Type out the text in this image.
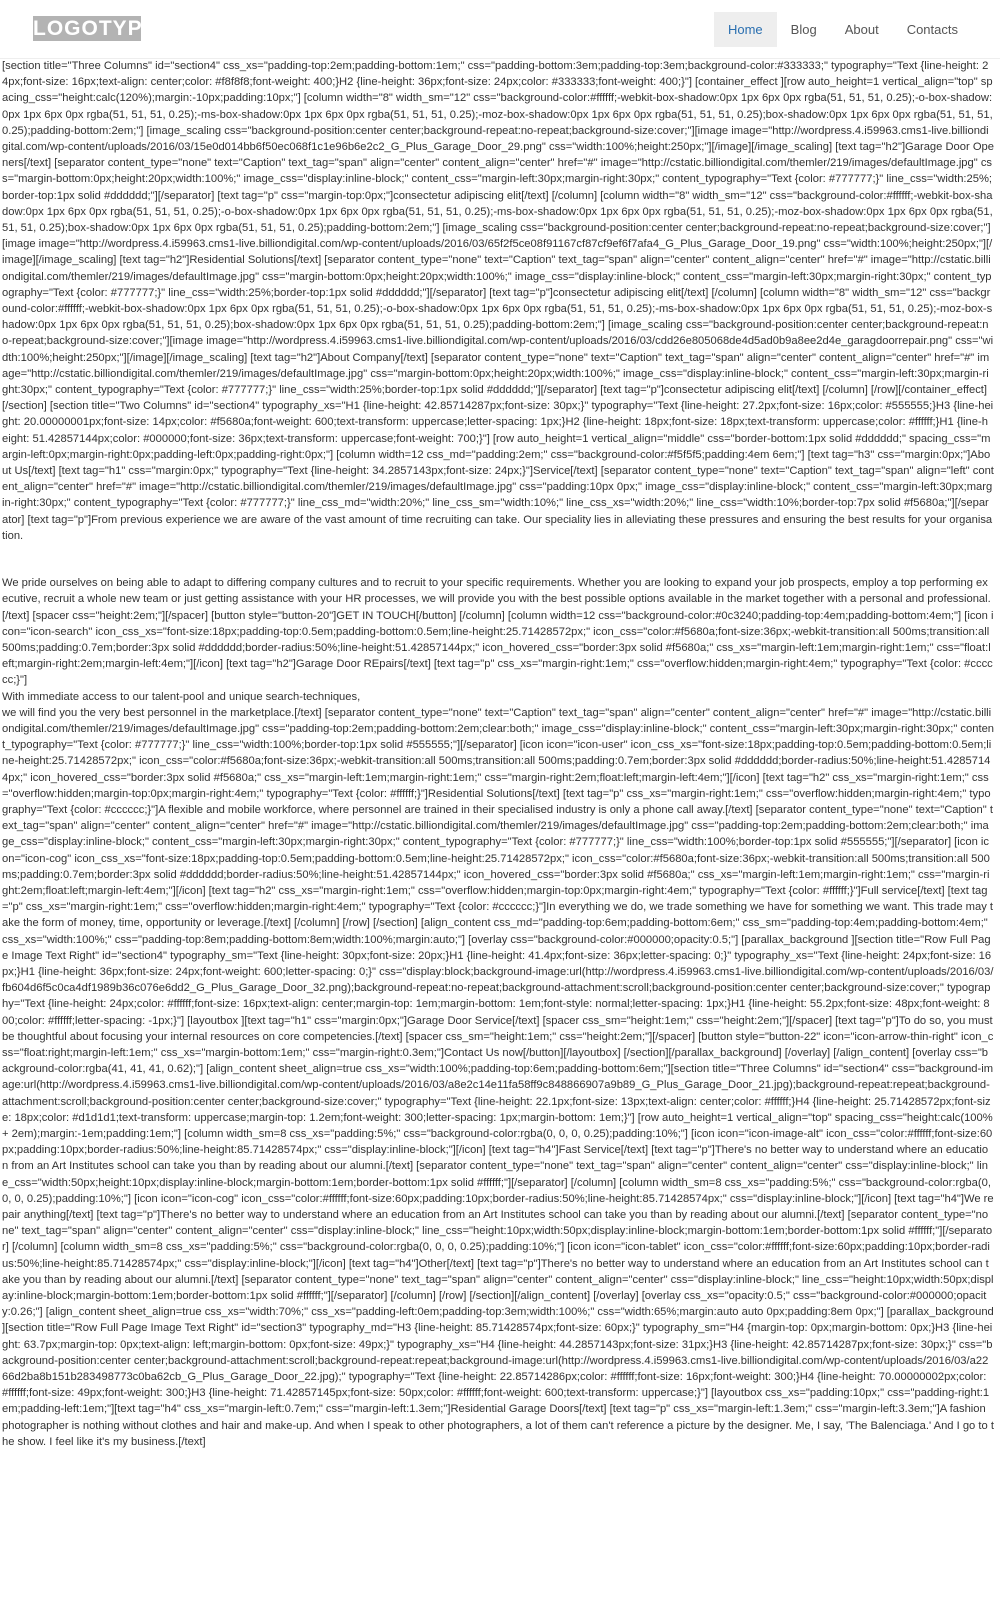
LOGOTYPE	Home	Blog	About	Contacts

[section title="Three Columns" id="section4" css_xs="padding-top:2em;padding-bottom:1em;" css="padding-bottom:3em;padding-top:3em;background-color:#333333;" typography="Text {line-height: 24px;font-size: 16px;text-align: center;color: #f8f8f8;font-weight: 400;}H2 {line-height: 36px;font-size: 24px;color: #333333;font-weight: 400;}"] [container_effect ][row auto_height=1 vertical_align="top" spacing_css="height:calc(120%);margin:-10px;padding:10px;"] [column width="8" width_sm="12" css="background-color:#ffffff;-webkit-box-shadow:0px 1px 6px 0px rgba(51, 51, 51, 0.25);-o-box-shadow:0px 1px 6px 0px rgba(51, 51, 51, 0.25);-ms-box-shadow:0px 1px 6px 0px rgba(51, 51, 51, 0.25);-moz-box-shadow:0px 1px 6px 0px rgba(51, 51, 51, 0.25);box-shadow:0px 1px 6px 0px rgba(51, 51, 51, 0.25);padding-bottom:2em;"] [image_scaling css="background-position:center center;background-repeat:no-repeat;background-size:cover;"][image image="http://wordpress.4.i59963.cms1-live.billiondigital.com/wp-content/uploads/2016/03/15e0d014bb6f50ec068f1c1e96b6e2c2_G_Plus_Garage_Door_29.png" css="width:100%;height:250px;"][/image][/image_scaling] [text tag="h2"]Garage Door Openers[/text] [separator content_type="none" text="Caption" text_tag="span" align="center" content_align="center" href="#" image="http://cstatic.billiondigital.com/themler/219/images/defaultImage.jpg" css="margin-bottom:0px;height:20px;width:100%;" image_css="display:inline-block;" content_css="margin-left:30px;margin-right:30px;" content_typography="Text {color: #777777;}" line_css="width:25%;border-top:1px solid #dddddd;"][/separator] [text tag="p" css="margin-top:0px;"]consectetur adipiscing elit[/text] [/column] [column width="8" width_sm="12" css="background-color:#ffffff;-webkit-box-shadow:0px 1px 6px 0px rgba(51, 51, 51, 0.25);-o-box-shadow:0px 1px 6px 0px rgba(51, 51, 51, 0.25);-ms-box-shadow:0px 1px 6px 0px rgba(51, 51, 51, 0.25);-moz-box-shadow:0px 1px 6px 0px rgba(51, 51, 51, 0.25);box-shadow:0px 1px 6px 0px rgba(51, 51, 51, 0.25);padding-bottom:2em;"] [image_scaling css="background-position:center center;background-repeat:no-repeat;background-size:cover;"][image image="http://wordpress.4.i59963.cms1-live.billiondigital.com/wp-content/uploads/2016/03/65f2f5ce08f91167cf87cf9ef6f7afa4_G_Plus_Garage_Door_19.png" css="width:100%;height:250px;"][/image][/image_scaling] [text tag="h2"]Residential Solutions[/text] [separator content_type="none" text="Caption" text_tag="span" align="center" content_align="center" href="#" image="http://cstatic.billiondigital.com/themler/219/images/defaultImage.jpg" css="margin-bottom:0px;height:20px;width:100%;" image_css="display:inline-block;" content_css="margin-left:30px;margin-right:30px;" content_typography="Text {color: #777777;}" line_css="width:25%;border-top:1px solid #dddddd;"][/separator] [text tag="p"]consectetur adipiscing elit[/text] [/column] [column width="8" width_sm="12" css="background-color:#ffffff;-webkit-box-shadow:0px 1px 6px 0px rgba(51, 51, 51, 0.25);-o-box-shadow:0px 1px 6px 0px rgba(51, 51, 51, 0.25);-ms-box-shadow:0px 1px 6px 0px rgba(51, 51, 51, 0.25);-moz-box-shadow:0px 1px 6px 0px rgba(51, 51, 51, 0.25);box-shadow:0px 1px 6px 0px rgba(51, 51, 51, 0.25);padding-bottom:2em;"] [image_scaling css="background-position:center center;background-repeat:no-repeat;background-size:cover;"][image image="http://wordpress.4.i59963.cms1-live.billiondigital.com/wp-content/uploads/2016/03/cdd26e805068de4d5ad0b9a8ee2d4e_garagdoorrepair.png" css="width:100%;height:250px;"][/image][/image_scaling] [text tag="h2"]About Company[/text] [separator content_type="none" text="Caption" text_tag="span" align="center" content_align="center" href="#" image="http://cstatic.billiondigital.com/themler/219/images/defaultImage.jpg" css="margin-bottom:0px;height:20px;width:100%;" image_css="display:inline-block;" content_css="margin-left:30px;margin-right:30px;" content_typography="Text {color: #777777;}" line_css="width:25%;border-top:1px solid #dddddd;"][/separator] [text tag="p"]consectetur adipiscing elit[/text] [/column] [/row][/container_effect] [/section] [section title="Two Columns" id="section4" typography_xs="H1 {line-height: 42.85714287px;font-size: 30px;}" typography="Text {line-height: 27.2px;font-size: 16px;color: #555555;}H3 {line-height: 20.00000001px;font-size: 14px;color: #f5680a;font-weight: 600;text-transform: uppercase;letter-spacing: 1px;}H2 {line-height: 18px;font-size: 18px;text-transform: uppercase;color: #ffffff;}H1 {line-height: 51.42857144px;color: #000000;font-size: 36px;text-transform: uppercase;font-weight: 700;}"] [row auto_height=1 vertical_align="middle" css="border-bottom:1px solid #dddddd;" spacing_css="margin-left:0px;margin-right:0px;padding-left:0px;padding-right:0px;"] [column width=12 css_md="padding:2em;" css="background-color:#f5f5f5;padding:4em 6em;"] [text tag="h3" css="margin:0px;"]About Us[/text] [text tag="h1" css="margin:0px;" typography="Text {line-height: 34.2857143px;font-size: 24px;}"]Service[/text] [separator content_type="none" text="Caption" text_tag="span" align="left" content_align="center" href="#" image="http://cstatic.billiondigital.com/themler/219/images/defaultImage.jpg" css="padding:10px 0px;" image_css="display:inline-block;" content_css="margin-left:30px;margin-right:30px;" content_typography="Text {color: #777777;}" line_css_md="width:20%;" line_css_sm="width:10%;" line_css_xs="width:20%;" line_css="width:10%;border-top:7px solid #f5680a;"][/separator] [text tag="p"]From previous experience we are aware of the vast amount of time recruiting can take. Our speciality lies in alleviating these pressures and ensuring the best results for your organisation.

We pride ourselves on being able to adapt to differing company cultures and to recruit to your specific requirements. Whether you are looking to expand your job prospects, employ a top performing executive, recruit a whole new team or just getting assistance with your HR processes, we will provide you with the best possible options available in the market together with a personal and professional.

[/text] [spacer css="height:2em;"][/spacer] [button style="button-20"]GET IN TOUCH[/button] [/column] [column width=12 css="background-color:#0c3240;padding-top:4em;padding-bottom:4em;"] [icon icon="icon-search" icon_css_xs="font-size:18px;padding-top:0.5em;padding-bottom:0.5em;line-height:25.71428572px;" icon_css="color:#f5680a;font-size:36px;-webkit-transition:all 500ms;transition:all 500ms;padding:0.7em;border:3px solid #dddddd;border-radius:50%;line-height:51.42857144px;" icon_hovered_css="border:3px solid #f5680a;" css_xs="margin-left:1em;margin-right:1em;" css="float:left;margin-right:2em;margin-left:4em;"][/icon] [text tag="h2"]Garage Door REpairs[/text] [text tag="p" css_xs="margin-right:1em;" css="overflow:hidden;margin-right:4em;" typography="Text {color: #cccccc;}"]

With immediate access to our talent-pool and unique search-techniques,

we will find you the very best personnel in the marketplace.[/text] [separator content_type="none" text="Caption" text_tag="span" align="center" content_align="center" href="#" image="http://cstatic.billiondigital.com/themler/219/images/defaultImage.jpg" css="padding-top:2em;padding-bottom:2em;clear:both;" image_css="display:inline-block;" content_css="margin-left:30px;margin-right:30px;" content_typography="Text {color: #777777;}" line_css="width:100%;border-top:1px solid #555555;"][/separator] [icon icon="icon-user" icon_css_xs="font-size:18px;padding-top:0.5em;padding-bottom:0.5em;line-height:25.71428572px;" icon_css="color:#f5680a;font-size:36px;-webkit-transition:all 500ms;transition:all 500ms;padding:0.7em;border:3px solid #dddddd;border-radius:50%;line-height:51.42857144px;" icon_hovered_css="border:3px solid #f5680a;" css_xs="margin-left:1em;margin-right:1em;" css="margin-right:2em;float:left;margin-left:4em;"][/icon] [text tag="h2" css_xs="margin-right:1em;" css="overflow:hidden;margin-top:0px;margin-right:4em;" typography="Text {color: #ffffff;}"]Residential Solutions[/text] [text tag="p" css_xs="margin-right:1em;" css="overflow:hidden;margin-right:4em;" typography="Text {color: #cccccc;}"]A flexible and mobile workforce, where personnel are trained in their specialised industry is only a phone call away.[/text] [separator content_type="none" text="Caption" text_tag="span" align="center" content_align="center" href="#" image="http://cstatic.billiondigital.com/themler/219/images/defaultImage.jpg" css="padding-top:2em;padding-bottom:2em;clear:both;" image_css="display:inline-block;" content_css="margin-left:30px;margin-right:30px;" content_typography="Text {color: #777777;}" line_css="width:100%;border-top:1px solid #555555;"][/separator] [icon icon="icon-cog" icon_css_xs="font-size:18px;padding-top:0.5em;padding-bottom:0.5em;line-height:25.71428572px;" icon_css="color:#f5680a;font-size:36px;-webkit-transition:all 500ms;transition:all 500ms;padding:0.7em;border:3px solid #dddddd;border-radius:50%;line-height:51.42857144px;" icon_hovered_css="border:3px solid #f5680a;" css_xs="margin-left:1em;margin-right:1em;" css="margin-right:2em;float:left;margin-left:4em;"][/icon] [text tag="h2" css_xs="margin-right:1em;" css="overflow:hidden;margin-top:0px;margin-right:4em;" typography="Text {color: #ffffff;}"]Full service[/text] [text tag="p" css_xs="margin-right:1em;" css="overflow:hidden;margin-right:4em;" typography="Text {color: #cccccc;}"]In everything we do, we trade something we have for something we want. This trade may take the form of money, time, opportunity or leverage.[/text] [/column] [/row] [/section] [align_content css_md="padding-top:6em;padding-bottom:6em;" css_sm="padding-top:4em;padding-bottom:4em;" css_xs="width:100%;" css="padding-top:8em;padding-bottom:8em;width:100%;margin:auto;"] [overlay css="background-color:#000000;opacity:0.5;"] [parallax_background ][section title="Row Full Page Image Text Right" id="section4" typography_sm="Text {line-height: 30px;font-size: 20px;}H1 {line-height: 41.4px;font-size: 36px;letter-spacing: 0;}" typography_xs="Text {line-height: 24px;font-size: 16px;}H1 {line-height: 36px;font-size: 24px;font-weight: 600;letter-spacing: 0;}" css="display:block;background-image:url(http://wordpress.4.i59963.cms1-live.billiondigital.com/wp-content/uploads/2016/03/fb604d6f5c0ca4df1989b36c076e6dd2_G_Plus_Garage_Door_32.png);background-repeat:no-repeat;background-attachment:scroll;background-position:center center;background-size:cover;" typography="Text {line-height: 24px;color: #ffffff;font-size: 16px;text-align: center;margin-top: 1em;margin-bottom: 1em;font-style: normal;letter-spacing: 1px;}H1 {line-height: 55.2px;font-size: 48px;font-weight: 800;color: #ffffff;letter-spacing: -1px;}"] [layoutbox ][text tag="h1" css="margin:0px;"]Garage Door Service[/text] [spacer css_sm="height:1em;" css="height:2em;"][/spacer] [text tag="p"]To do so, you must be thoughtful about focusing your internal resources on core competencies.[/text] [spacer css_sm="height:1em;" css="height:2em;"][/spacer] [button style="button-22" icon="icon-arrow-thin-right" icon_css="float:right;margin-left:1em;" css_xs="margin-bottom:1em;" css="margin-right:0.3em;"]Contact Us now[/button][/layoutbox] [/section][/parallax_background] [/overlay] [/align_content] [overlay css="background-color:rgba(41, 41, 41, 0.62);"] [align_content sheet_align=true css_xs="width:100%;padding-top:6em;padding-bottom:6em;"][section title="Three Columns" id="section4" css="background-image:url(http://wordpress.4.i59963.cms1-live.billiondigital.com/wp-content/uploads/2016/03/a8e2c14e11fa58ff9c848866907a9b89_G_Plus_Garage_Door_21.jpg);background-repeat:repeat;background-attachment:scroll;background-position:center center;background-size:cover;" typography="Text {line-height: 22.1px;font-size: 13px;text-align: center;color: #ffffff;}H4 {line-height: 25.71428572px;font-size: 18px;color: #d1d1d1;text-transform: uppercase;margin-top: 1.2em;font-weight: 300;letter-spacing: 1px;margin-bottom: 1em;}"] [row auto_height=1 vertical_align="top" spacing_css="height:calc(100% + 2em);margin:-1em;padding:1em;"] [column width_sm=8 css_xs="padding:5%;" css="background-color:rgba(0, 0, 0, 0.25);padding:10%;"] [icon icon="icon-image-alt" icon_css="color:#ffffff;font-size:60px;padding:10px;border-radius:50%;line-height:85.71428574px;" css="display:inline-block;"][/icon] [text tag="h4"]Fast Service[/text] [text tag="p"]There's no better way to understand where an education from an Art Institutes school can take you than by reading about our alumni.[/text] [separator content_type="none" text_tag="span" align="center" content_align="center" css="display:inline-block;" line_css="width:50px;height:10px;display:inline-block;margin-bottom:1em;border-bottom:1px solid #ffffff;"][/separator] [/column] [column width_sm=8 css_xs="padding:5%;" css="background-color:rgba(0, 0, 0, 0.25);padding:10%;"] [icon icon="icon-cog" icon_css="color:#ffffff;font-size:60px;padding:10px;border-radius:50%;line-height:85.71428574px;" css="display:inline-block;"][/icon] [text tag="h4"]We repair anything[/text] [text tag="p"]There's no better way to understand where an education from an Art Institutes school can take you than by reading about our alumni.[/text] [separator content_type="none" text_tag="span" align="center" content_align="center" css="display:inline-block;" line_css="height:10px;width:50px;display:inline-block;margin-bottom:1em;border-bottom:1px solid #ffffff;"][/separator] [/column] [column width_sm=8 css_xs="padding:5%;" css="background-color:rgba(0, 0, 0, 0.25);padding:10%;"] [icon icon="icon-tablet" icon_css="color:#ffffff;font-size:60px;padding:10px;border-radius:50%;line-height:85.71428574px;" css="display:inline-block;"][/icon] [text tag="h4"]Other[/text] [text tag="p"]There's no better way to understand where an education from an Art Institutes school can take you than by reading about our alumni.[/text] [separator content_type="none" text_tag="span" align="center" content_align="center" css="display:inline-block;" line_css="height:10px;width:50px;display:inline-block;margin-bottom:1em;border-bottom:1px solid #ffffff;"][/separator] [/column] [/row] [/section][/align_content] [/overlay] [overlay css_xs="opacity:0.5;" css="background-color:#000000;opacity:0.26;"] [align_content sheet_align=true css_xs="width:70%;" css_xs="padding-left:0em;padding-top:3em;width:100%;" css="width:65%;margin:auto auto 0px;padding:8em 0px;"] [parallax_background ][section title="Row Full Page Image Text Right" id="section3" typography_md="H3 {line-height: 85.71428574px;font-size: 60px;}" typography_sm="H4 {margin-top: 0px;margin-bottom: 0px;}H3 {line-height: 63.7px;margin-top: 0px;text-align: left;margin-bottom: 0px;font-size: 49px;}" typography_xs="H4 {line-height: 44.2857143px;font-size: 31px;}H3 {line-height: 42.85714287px;font-size: 30px;}" css="background-position:center center;background-attachment:scroll;background-repeat:repeat;background-image:url(http://wordpress.4.i59963.cms1-live.billiondigital.com/wp-content/uploads/2016/03/a2266d2ba8b151b283498773c0ba62cb_G_Plus_Garage_Door_22.jpg);" typography="Text {line-height: 22.85714286px;color: #ffffff;font-size: 16px;font-weight: 300;}H4 {line-height: 70.00000002px;color: #ffffff;font-size: 49px;font-weight: 300;}H3 {line-height: 71.42857145px;font-size: 50px;color: #ffffff;font-weight: 600;text-transform: uppercase;}"] [layoutbox css_xs="padding:10px;" css="padding-right:1em;padding-left:1em;"][text tag="h4" css_xs="margin-left:0.7em;" css="margin-left:1.3em;"]Residential Garage Doors[/text] [text tag="p" css_xs="margin-left:1.3em;" css="margin-left:3.3em;"]A fashion photographer is nothing without clothes and hair and make-up. And when I speak to other photographers, a lot of them can't reference a picture by the designer. Me, I say, 'The Balenciaga.' And I go to the show. I feel like it's my business.[/text]
